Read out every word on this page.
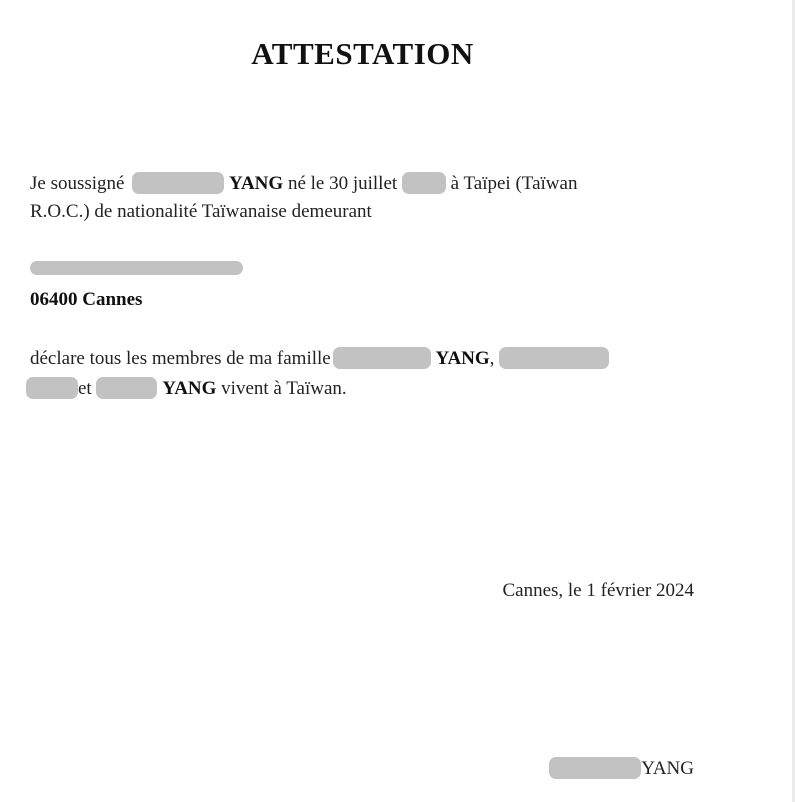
ATTESTATION
Je soussigné	YANG né le 30 juillet	à Taïpei (Taïwan
R.O.C.) de nationalité Taïwanaise demeurant
06400 Cannes
déclare tous les membres de ma famille	YANG,
et	YANG vivent à Taïwan.
Cannes, le 1 février 2024
YANG
